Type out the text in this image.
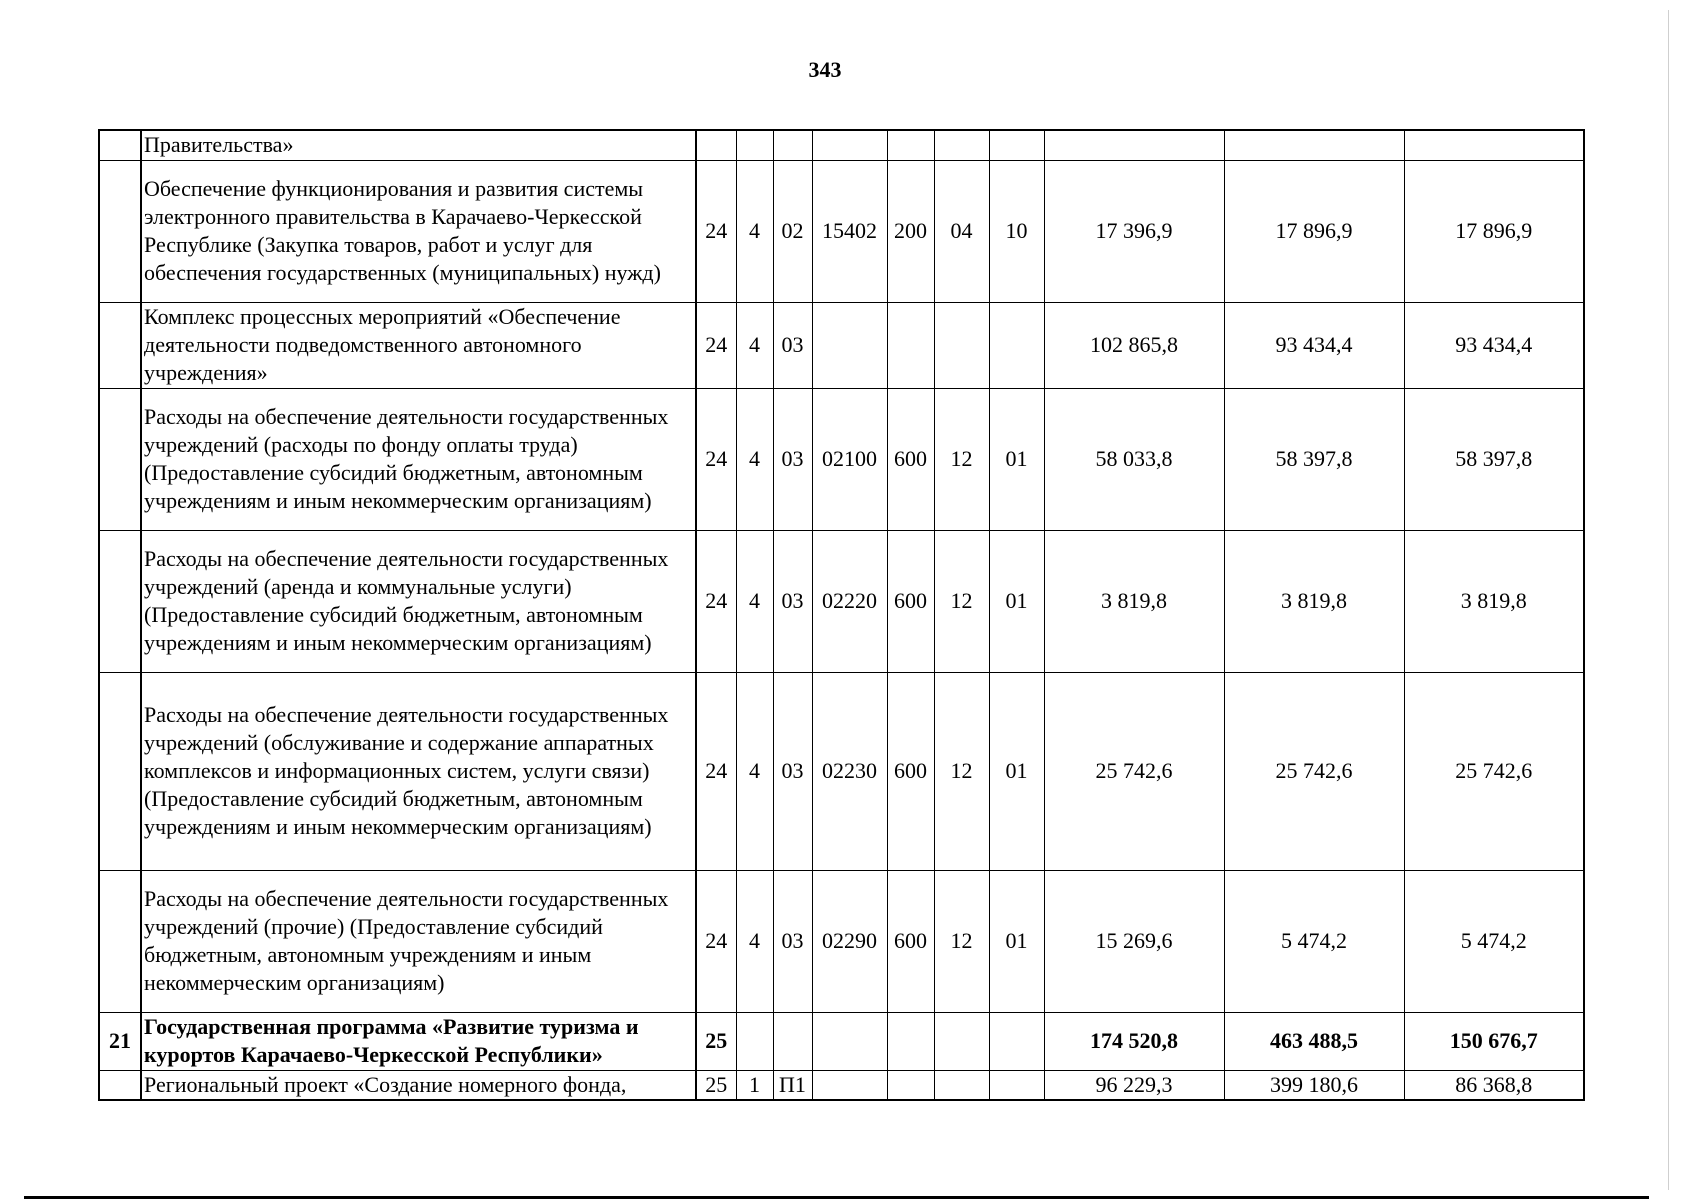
343
	Правительства»										
	Обеспечение функционирования и развития системы электронного правительства в Карачаево-Черкесской Республике (Закупка товаров, работ и услуг для обеспечения государственных (муниципальных) нужд)	24	4	02	15402	200	04	10	17 396,9	17 896,9	17 896,9
	Комплекс процессных мероприятий «Обеспечение деятельности подведомственного автономного учреждения»	24	4	03					102 865,8	93 434,4	93 434,4
	Расходы на обеспечение деятельности государственных учреждений (расходы по фонду оплаты труда) (Предоставление субсидий бюджетным, автономным учреждениям и иным некоммерческим организациям)	24	4	03	02100	600	12	01	58 033,8	58 397,8	58 397,8
	Расходы на обеспечение деятельности государственных учреждений (аренда и коммунальные услуги) (Предоставление субсидий бюджетным, автономным учреждениям и иным некоммерческим организациям)	24	4	03	02220	600	12	01	3 819,8	3 819,8	3 819,8
	Расходы на обеспечение деятельности государственных учреждений (обслуживание и содержание аппаратных комплексов и информационных систем, услуги связи) (Предоставление субсидий бюджетным, автономным учреждениям и иным некоммерческим организациям)	24	4	03	02230	600	12	01	25 742,6	25 742,6	25 742,6
	Расходы на обеспечение деятельности государственных учреждений (прочие) (Предоставление субсидий бюджетным, автономным учреждениям и иным некоммерческим организациям)	24	4	03	02290	600	12	01	15 269,6	5 474,2	5 474,2
21	Государственная программа «Развитие туризма и курортов Карачаево-Черкесской Республики»	25							174 520,8	463 488,5	150 676,7
	Региональный проект «Создание номерного фонда,	25	1	П1					96 229,3	399 180,6	86 368,8
